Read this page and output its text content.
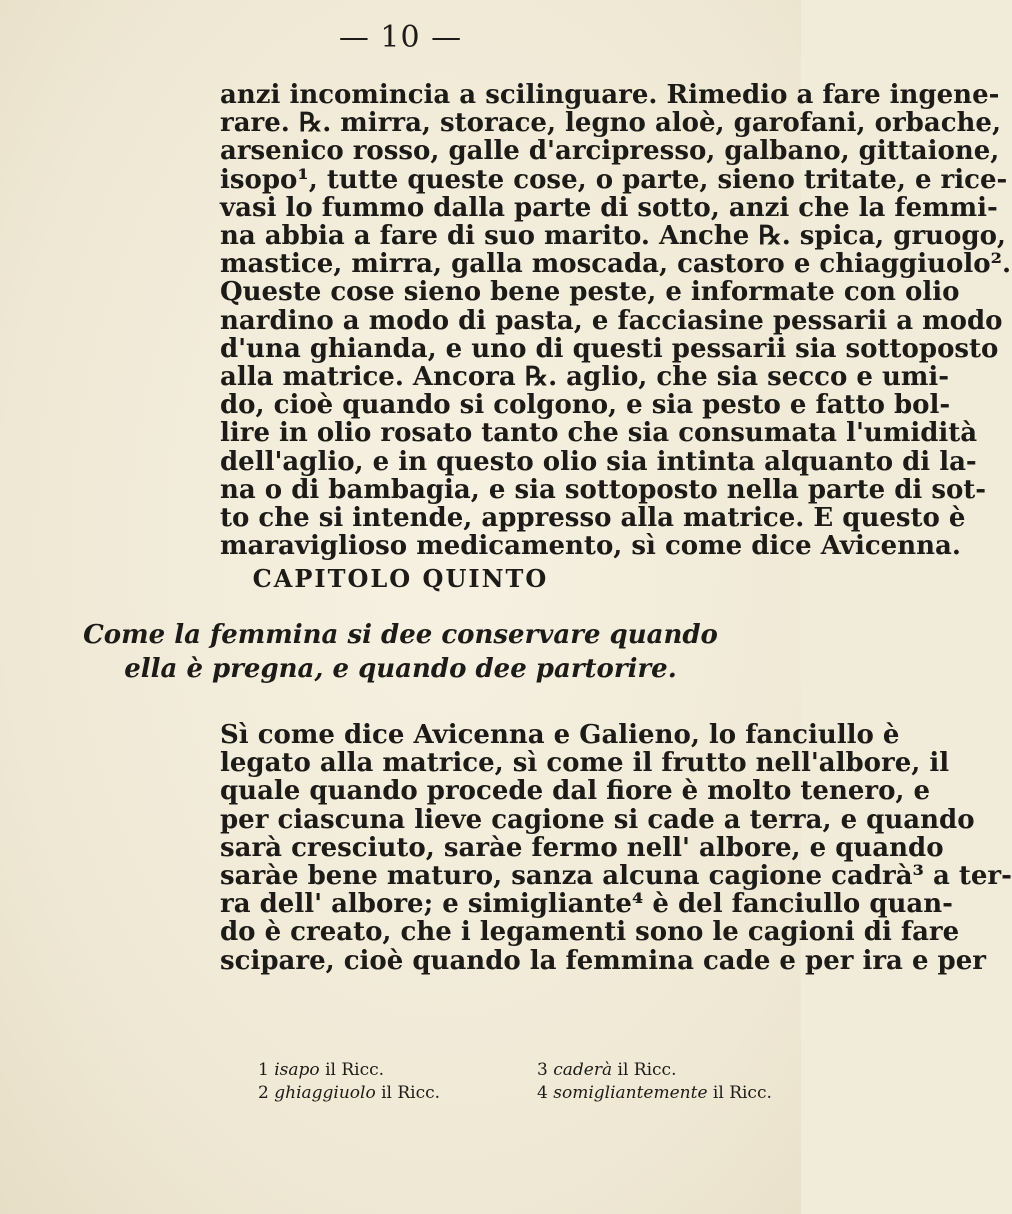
— 10 —
anzi incomincia a scilinguare. Rimedio a fare ingene-
rare. ℞. mirra, storace, legno aloè, garofani, orbache,
arsenico rosso, galle d'arcipresso, galbano, gittaione,
isopo¹, tutte queste cose, o parte, sieno tritate, e rice-
vasi lo fummo dalla parte di sotto, anzi che la femmi-
na abbia a fare di suo marito. Anche ℞. spica, gruogo,
mastice, mirra, galla moscada, castoro e chiaggiuolo².
Queste cose sieno bene peste, e informate con olio
nardino a modo di pasta, e facciasine pessarii a modo
d'una ghianda, e uno di questi pessarii sia sottoposto
alla matrice. Ancora ℞. aglio, che sia secco e umi-
do, cioè quando si colgono, e sia pesto e fatto bol-
lire in olio rosato tanto che sia consumata l'umidità
dell'aglio, e in questo olio sia intinta alquanto di la-
na o di bambagia, e sia sottoposto nella parte di sot-
to che si intende, appresso alla matrice. E questo è
maraviglioso medicamento, sì come dice Avicenna.
CAPITOLO QUINTO
Come la femmina si dee conservare quando
ella è pregna, e quando dee partorire.
Sì come dice Avicenna e Galieno, lo fanciullo è
legato alla matrice, sì come il frutto nell'albore, il
quale quando procede dal fiore è molto tenero, e
per ciascuna lieve cagione si cade a terra, e quando
sarà cresciuto, saràe fermo nell' albore, e quando
saràe bene maturo, sanza alcuna cagione cadrà³ a ter-
ra dell' albore; e simigliante⁴ è del fanciullo quan-
do è creato, che i legamenti sono le cagioni di fare
scipare, cioè quando la femmina cade e per ira e per
1 isapo il Ricc.
2 ghiaggiuolo il Ricc.
3 caderà il Ricc.
4 somigliantemente il Ricc.
